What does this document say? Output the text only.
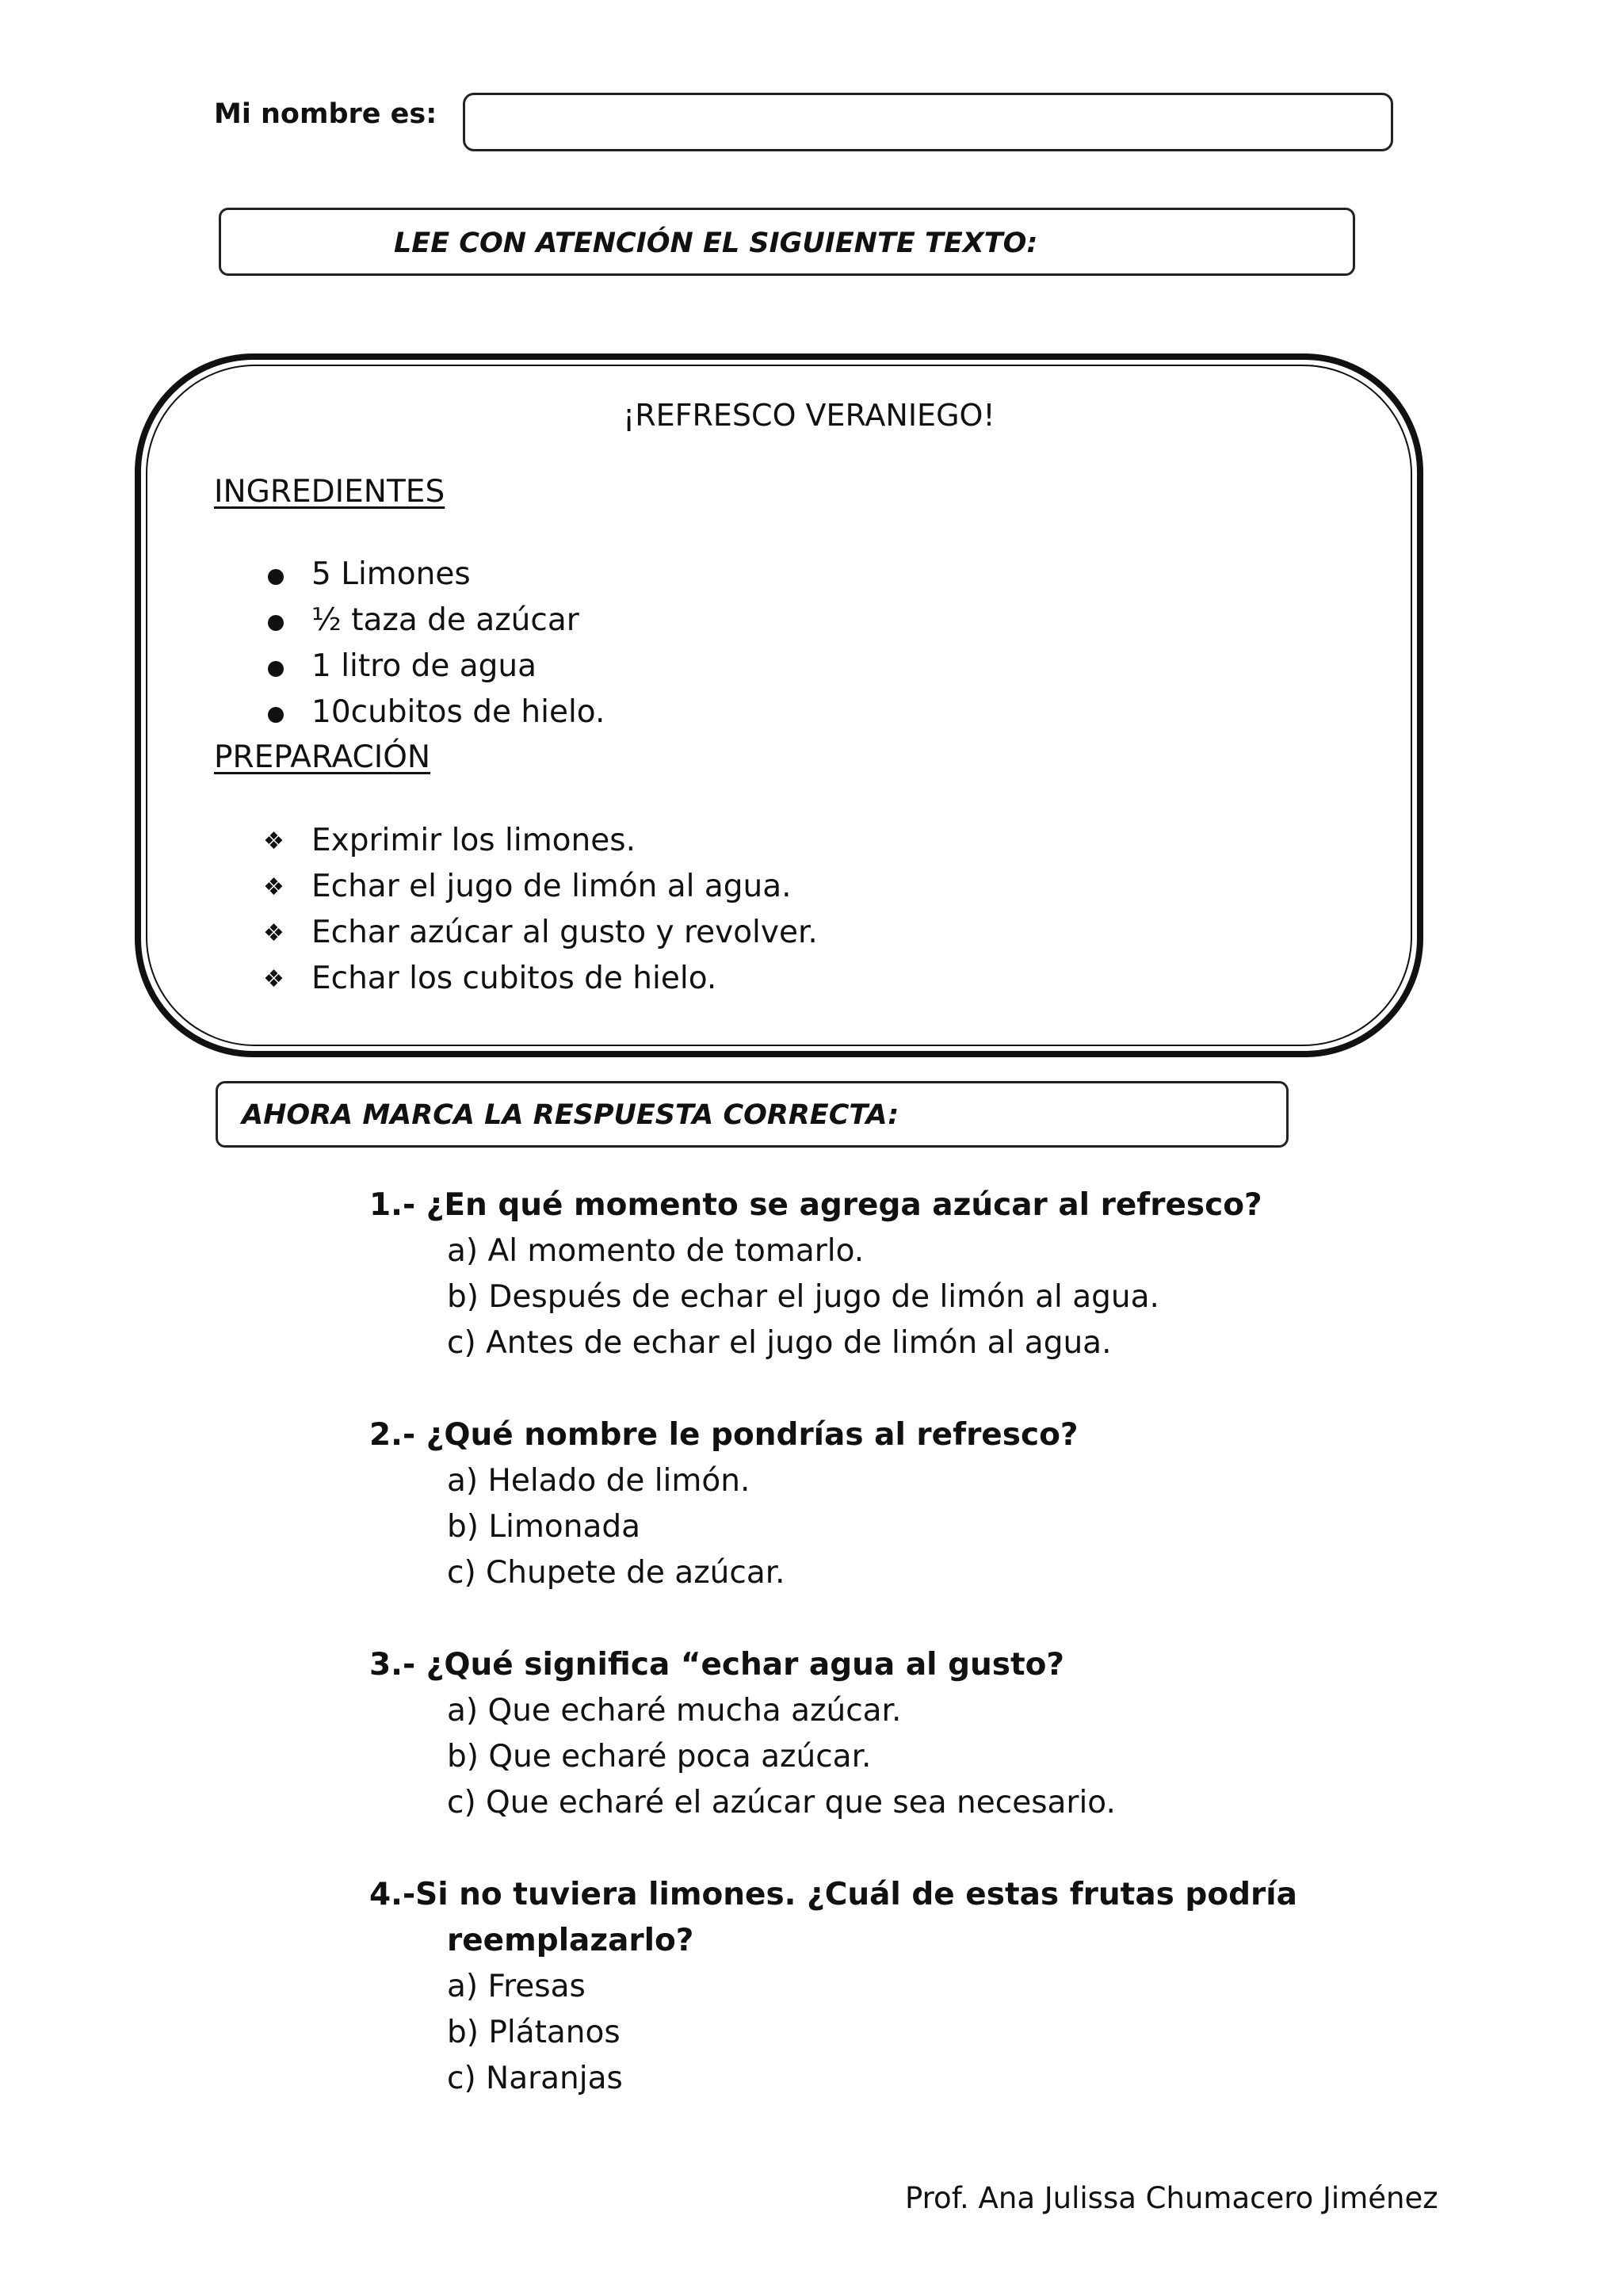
Mi nombre es:
LEE CON ATENCIÓN EL SIGUIENTE TEXTO:
¡REFRESCO VERANIEGO!
INGREDIENTES
5 Limones
½ taza de azúcar
1 litro de agua
10cubitos de hielo.
PREPARACIÓN
❖ Exprimir los limones.
❖ Echar el jugo de limón al agua.
❖ Echar azúcar al gusto y revolver.
❖ Echar los cubitos de hielo.
AHORA MARCA LA RESPUESTA CORRECTA:
1.- ¿En qué momento se agrega azúcar al refresco?
a) Al momento de tomarlo.
b) Después de echar el jugo de limón al agua.
c) Antes de echar el jugo de limón al agua.
2.- ¿Qué nombre le pondrías al refresco?
a) Helado de limón.
b) Limonada
c) Chupete de azúcar.
3.- ¿Qué significa “echar agua al gusto?
a) Que echaré mucha azúcar.
b) Que echaré poca azúcar.
c) Que echaré el azúcar que sea necesario.
4.-Si no tuviera limones. ¿Cuál de estas frutas podría
reemplazarlo?
a) Fresas
b) Plátanos
c) Naranjas
Prof. Ana Julissa Chumacero Jiménez
